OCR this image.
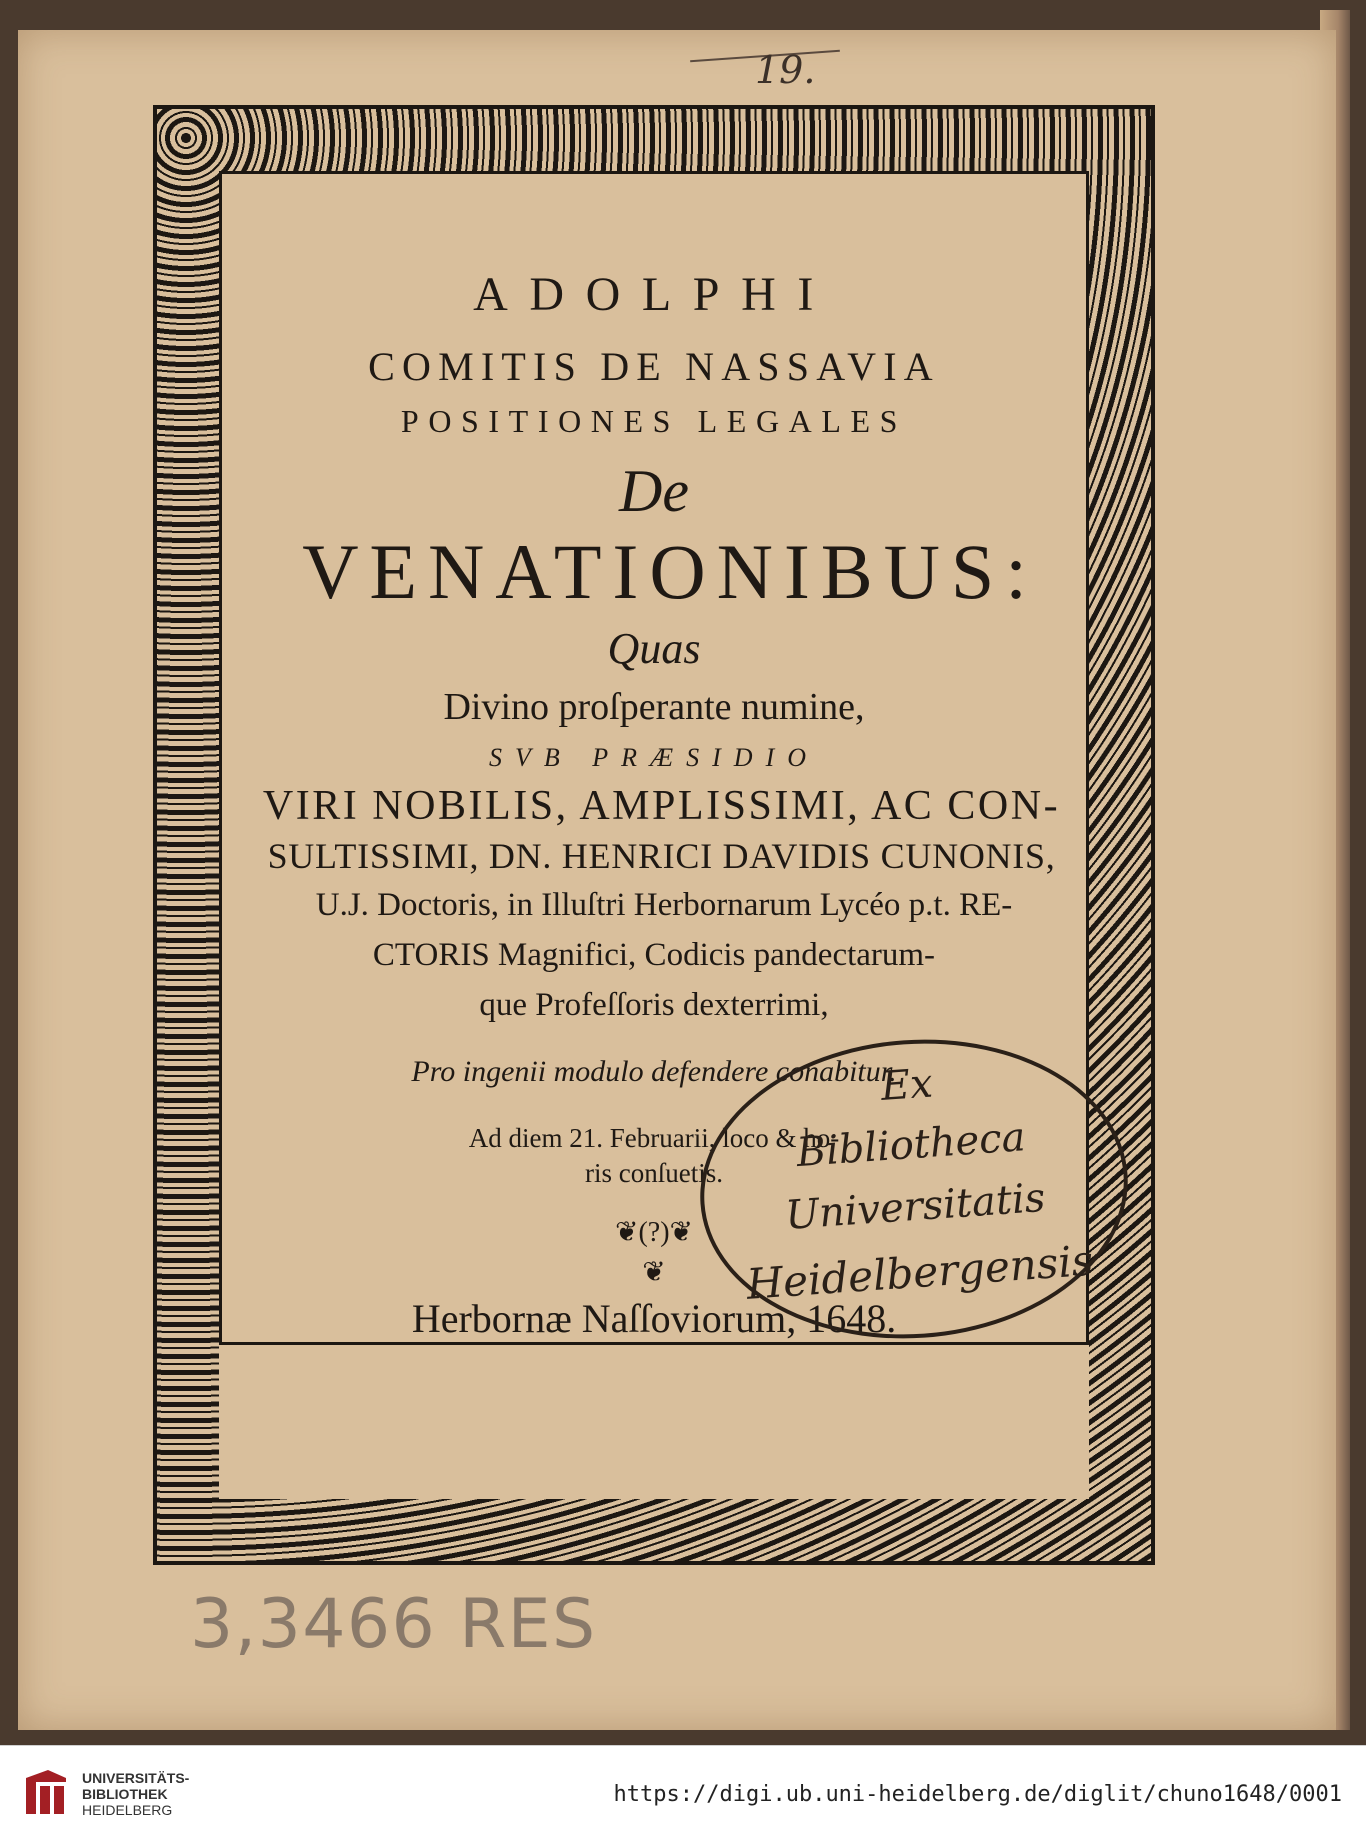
19.
ADOLPHI
COMITIS DE NASSAVIA
POSITIONES LEGALES
De
VENATIONIBUS:
Quas
Divino proſperante numine,
SVB PRÆSIDIO
VIRI NOBILIS, AMPLISSIMI, AC CON-
SULTISSIMI, DN. HENRICI DAVIDIS CUNONIS,
U.J. Doctoris, in Illuſtri Herbornarum Lycéo p.t. RE-
CTORIS Magnifici, Codicis pandectarum-
que Profeſſoris dexterrimi,
Pro ingenii modulo defendere conabitur.
Ad diem 21. Februarii, loco & ho-
ris conſuetis.
❦(?)❦
❦
Herbornæ Naſſoviorum, 1648.
Ex
Bibliotheca
Universitatis
Heidelbergensis
3,3466 RES
UNIVERSITÄTS-
BIBLIOTHEK
HEIDELBERG
https://digi.ub.uni-heidelberg.de/diglit/chuno1648/0001
